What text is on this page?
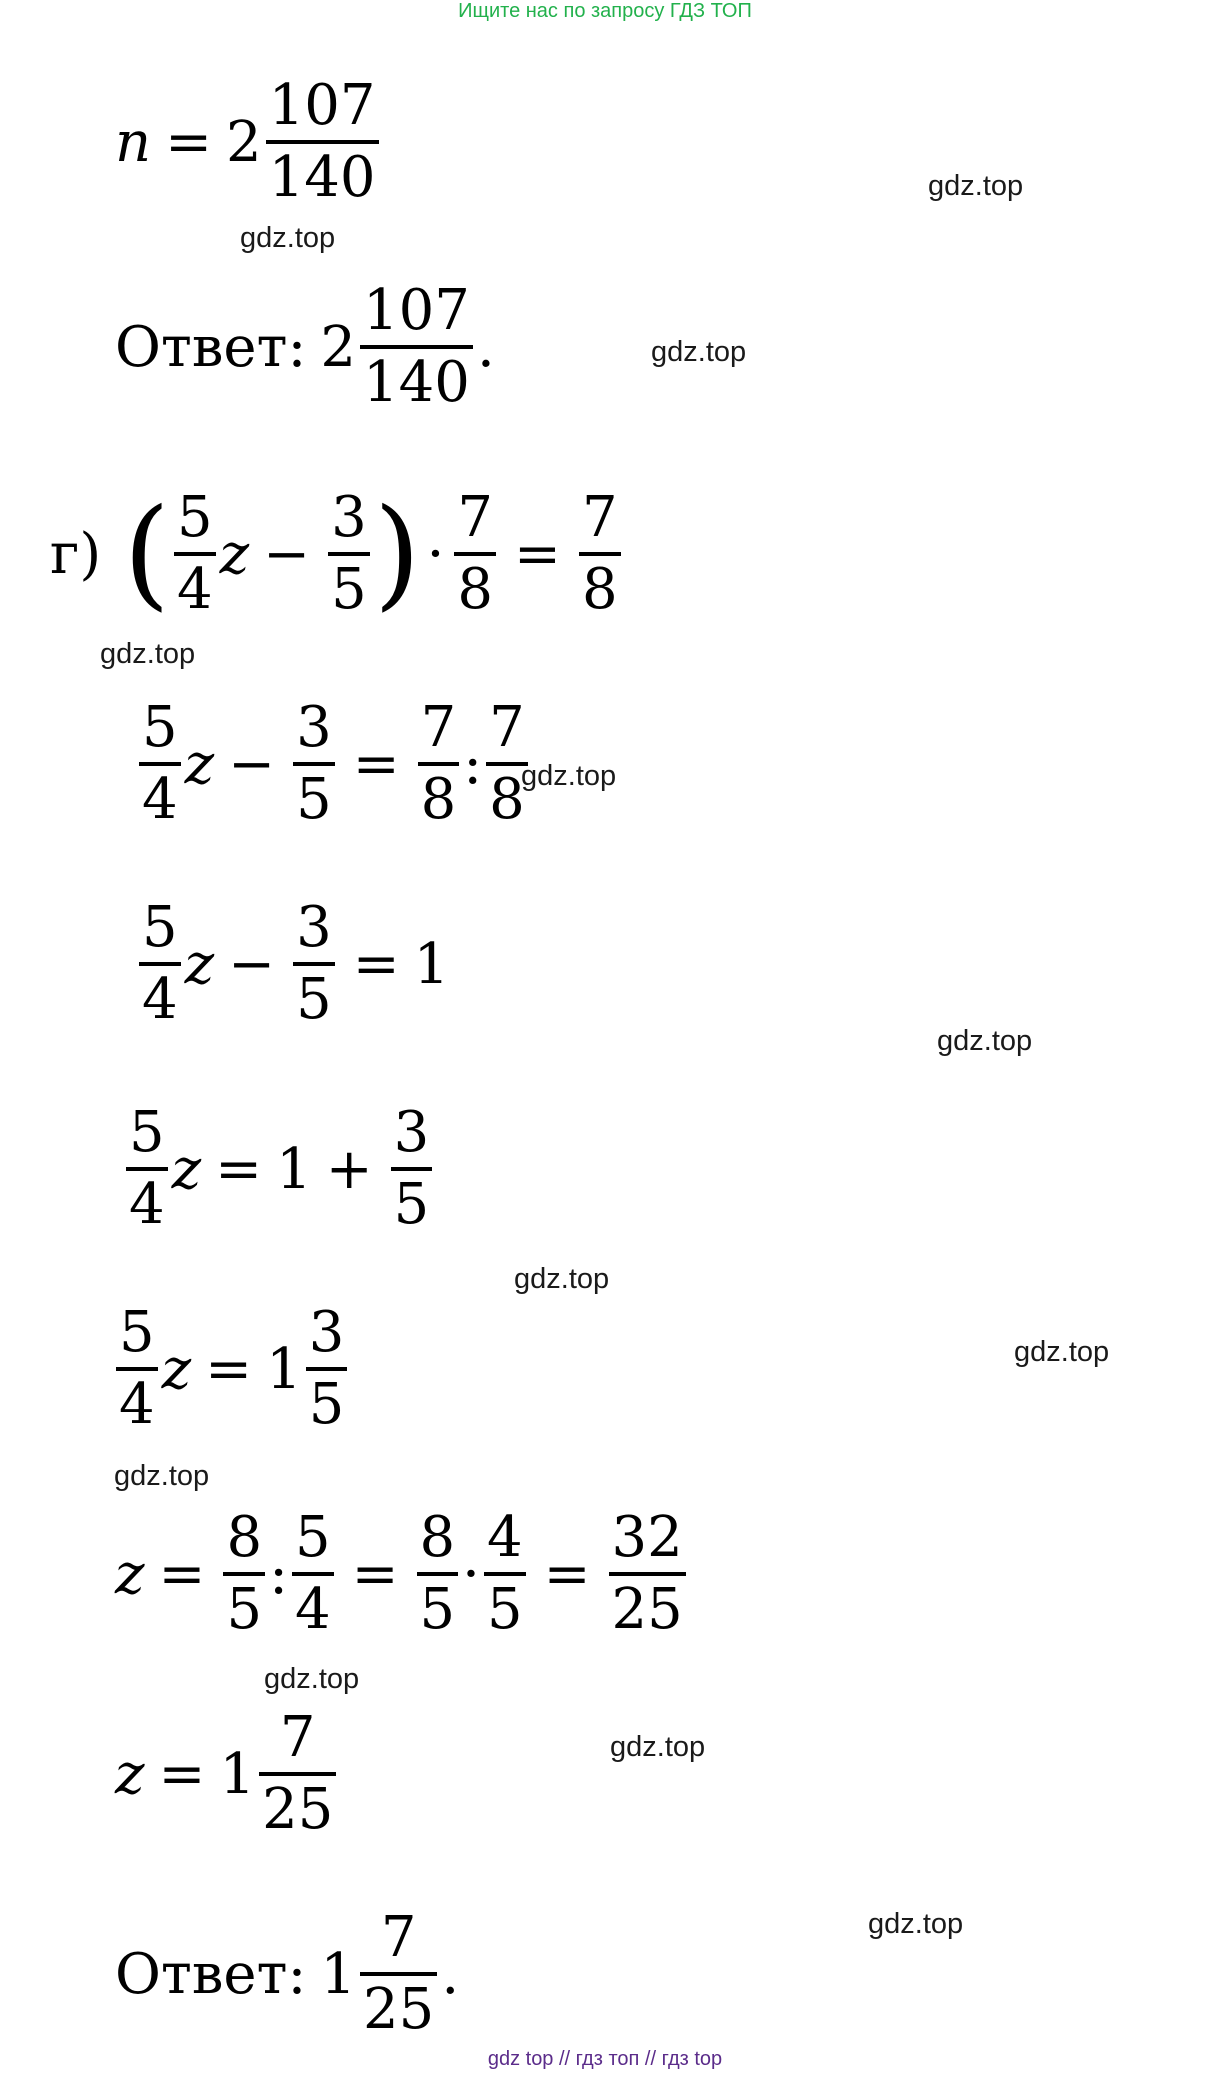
Ищите нас по запросу ГДЗ ТОП
$n = 2 \frac{107}{140}$
Ответ: $2 \frac{107}{140}$ .
г) ( $\frac{5}{4}$ $z - \frac{3}{5}$ ) · $\frac{7}{8} = \frac{7}{8}$
$\frac{5}{4}$ $z - \frac{3}{5} = \frac{7}{8}$ : $\frac{7}{8}$
$\frac{5}{4}$ $z - \frac{3}{5} = 1$
$\frac{5}{4}$ $z = 1 + \frac{3}{5}$
$\frac{5}{4}$ $z = 1 \frac{3}{5}$
$z = \frac{8}{5}$ : $\frac{5}{4} = \frac{8}{5} \cdot \frac{4}{5} = \frac{32}{25}$
$z = 1 \frac{7}{25}$
Ответ: $1 \frac{7}{25}$ .
gdz.top
gdz.top
gdz.top
gdz.top
gdz.top
gdz.top
gdz.top
gdz.top
gdz.top
gdz.top
gdz.top
gdz.top
gdz top // гдз топ // гдз top
